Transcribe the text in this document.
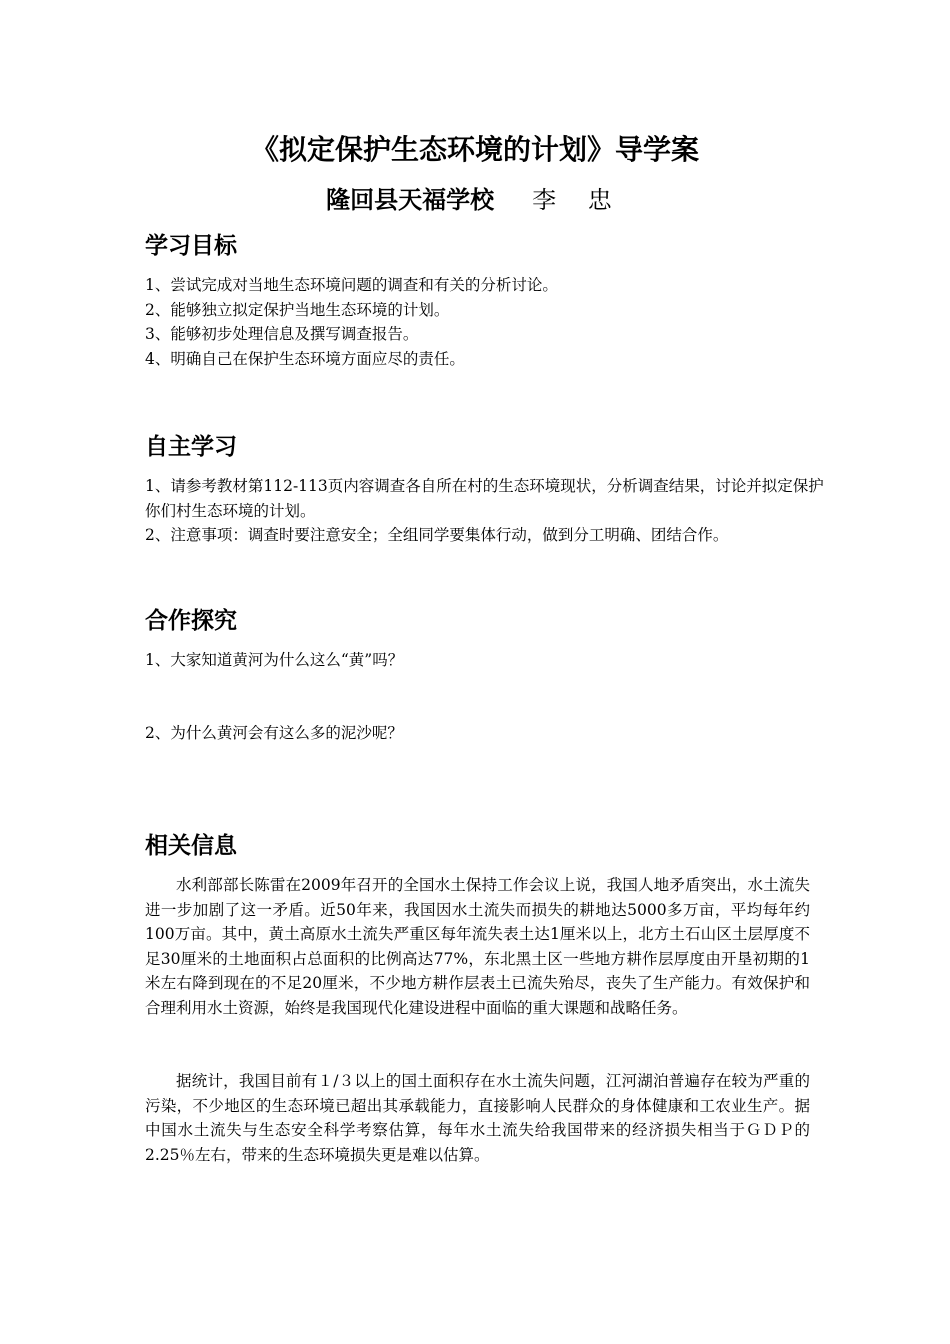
《拟定保护生态环境的计划》导学案
隆回县天福学校 李 忠
学习目标
1、尝试完成对当地生态环境问题的调查和有关的分析讨论。
2、能够独立拟定保护当地生态环境的计划。
3、能够初步处理信息及撰写调查报告。
4、明确自己在保护生态环境方面应尽的责任。
自主学习
1、请参考教材第112-113页内容调查各自所在村的生态环境现状，分析调查结果，讨论并拟定保护你们村生态环境的计划。
2、注意事项：调查时要注意安全；全组同学要集体行动，做到分工明确、团结合作。
合作探究

1、大家知道黄河为什么这么“黄”吗？

2、为什么黄河会有这么多的泥沙呢？

相关信息

水利部部长陈雷在2009年召开的全国水土保持工作会议上说，我国人地矛盾突出，水土流失进一步加剧了这一矛盾。近50年来，我国因水土流失而损失的耕地达5000多万亩，平均每年约100万亩。其中，黄土高原水土流失严重区每年流失表土达1厘米以上，北方土石山区土层厚度不足30厘米的土地面积占总面积的比例高达77%，东北黑土区一些地方耕作层厚度由开垦初期的1米左右降到现在的不足20厘米，不少地方耕作层表土已流失殆尽，丧失了生产能力。有效保护和合理利用水土资源，始终是我国现代化建设进程中面临的重大课题和战略任务。

据统计，我国目前有１/３以上的国土面积存在水土流失问题，江河湖泊普遍存在较为严重的污染，不少地区的生态环境已超出其承载能力，直接影响人民群众的身体健康和工农业生产。据中国水土流失与生态安全科学考察估算，每年水土流失给我国带来的经济损失相当于ＧＤＰ的2.25％左右，带来的生态环境损失更是难以估算。
